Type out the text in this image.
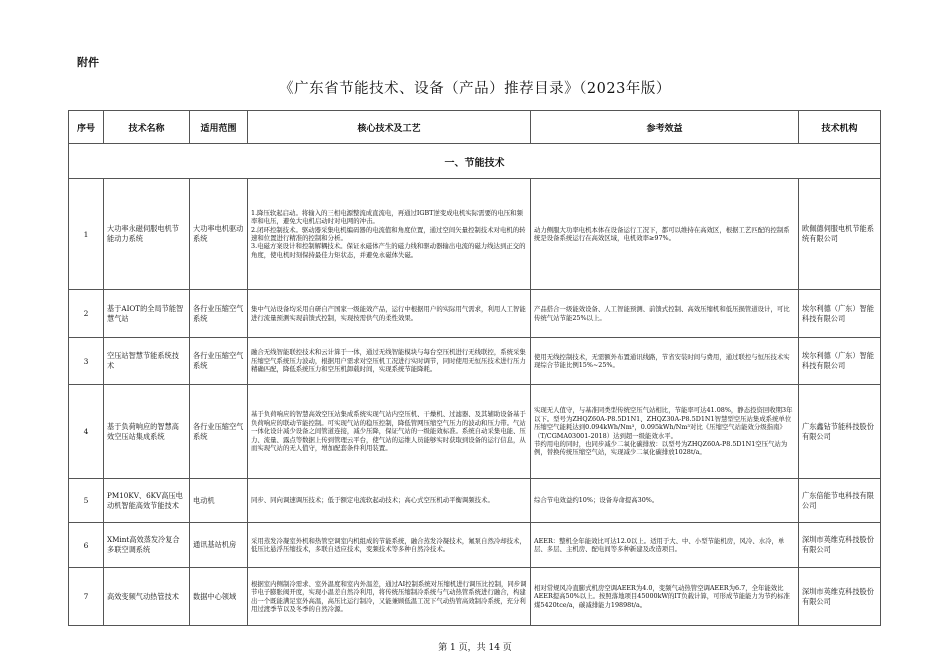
附件
《广东省节能技术、设备（产品）推荐目录》（2023年版）
序号	技术名称	适用范围	核心技术及工艺	参考效益	技术机构
一、节能技术					
1	大功率永磁伺服电机节能动力系统	大功率电机驱动系统	1.降压软起启动。将输入的三相电源整流成直流电，再通过IGBT逆变成电机实际需要的电压和频率和电压，避免大电机启动时对电网的冲击。
2.闭环控制技术。驱动器采集电机编码器的电流值和角度位置，通过空间矢量控制技术对电机的转速和位置进行精准的控制和分析。
3.电磁方案设计和控制解耦技术。保证永磁体产生的磁力线和驱动器输出电流的磁力线达到正交的角度，使电机时刻保持最佳力矩状态，并避免永磁体失磁。	动力侧服大功率电机本体在设备运行工况下，都可以维持在高效区，根据工艺匹配的控制系统是设备系统运行在高效区域，电机效率≥97%。	欧佩德伺服电机节能系统有限公司
2	基于AIOT的全局节能智慧气站	各行业压缩空气系统	集中气站设备均采用自研自产国家一级能效产品，运行中根据用户的实际用气需求，利用人工智能进行流量预测实现前馈式控制，实现按需供气的柔性效果。	产品搭合一级能效设备、人工智能预测、前馈式控制、高效压缩机和低压损管道设计，可比传统气站节能25%以上。	埃尔利德（广东）智能科技有限公司
3	空压站智慧节能系统技术	各行业压缩空气系统	融合无线智能联控技术和云计算于一体，通过无线智能模块与每台空压机进行无线联控，系统采集压缩空气系统压力波动，根据用户需求对空压机工况进行实时调节，同时使用无恒压技术进行压力精确匹配，降低系统压力和空压机卸载时间，实现系统节能降耗。	使用无线控制技术，无需额外布置通讯线路，节省安装时间与费用，通过联控与恒压技术实现综合节能比例15%~25%。	埃尔利德（广东）智能科技有限公司
4	基于负荷响应的智慧高效空压站集成系统	各行业压缩空气系统	基于负荷响应的智慧高效空压站集成系统实现气站内空压机、干燥机、过滤器、及其辅助设备基于负荷响应的联动节能控制。可实现气站的稳压控制，降低管网压缩空气压力的波动和压力带。气站一体化设计减少设备之间管道连接，减少压降，保证气站的一级能效标准。系统自动采集电能、压力、流量、露点等数据上传到管理云平台，使气站的运维人员能够实时获取到设备的运行信息，从而实现气站的无人值守，增加配套条件利用装置。	实现无人值守，与基准同类型传统空压气站相比，节能率可达41.08%，静态投资回收期3年以下。型号为ZHQZ60A-P8.5D1N1、ZHQZ30A-P8.5D1N1智慧型空压站集成系统单位压缩空气能耗达到0.094kWh/Nm³，0.095kWh/Nm³对比《压缩空气站能效分级指南》（T/CGMA03001-2018）达到超一级能效水平。
节约用电的同时，也同步减少二氧化碳排放：以型号为ZHQZ60A-P8.5D1N1空压气站为例，替换传统压缩空气站，实现减少二氧化碳排放1028t/a。	广东鑫钻节能科技股份有限公司
5	PM10KV、6KV高压电动机智能高效节能技术	电动机	同步、同向调速调压技术；低于额定电流软起动技术；高心式空压机动平衡调频技术。	综合节电效益约10%；设备寿命提高30%。	广东倍能节电科技有限公司
6	XMint高效蒸发冷复合多联空调系统	通讯基站机房	采用蒸发冷凝室外机和热管空调室内机组成的节能系统，融合蒸发冷凝技术，氟泵自然冷却技术，低压比悬浮压缩技术，多联自适应技术，变频技术等多种自然冷技术。	AEER：整机全年能效比可达12.0以上。适用于大、中、小型节能机房，风冷、水冷，单层、多层、主机房、配电间等多种新建及改造项目。	深圳市英维克科技股份有限公司
7	高效变频气动热管技术	数据中心领域	根据室内侧制冷需求、室外温度和室内外温差，通过AI控制系统对压缩机进行调压比控制，同步调节电子膨胀阀开度，实现小温差自然冷利用，将传统压缩制冷系统与气动热管系统进行融合，构建出一个既能满足室外高温，高压比运行制冷，又能兼顾低温工况下气动热管高效制冷系统，充分利用过渡季节以及冬季的自然冷源。	相对常规风冷直膨式机房空调AEER为4.0，变频气动热管空调AEER为6.7，全年能效比AEER提高50%以上。按照落地项目45000kW的IT负载计算，可形成节能能力为节约标准煤5420tce/a，碳减排能力19898t/a。	深圳市英维克科技股份有限公司
第 1 页，共 14 页
